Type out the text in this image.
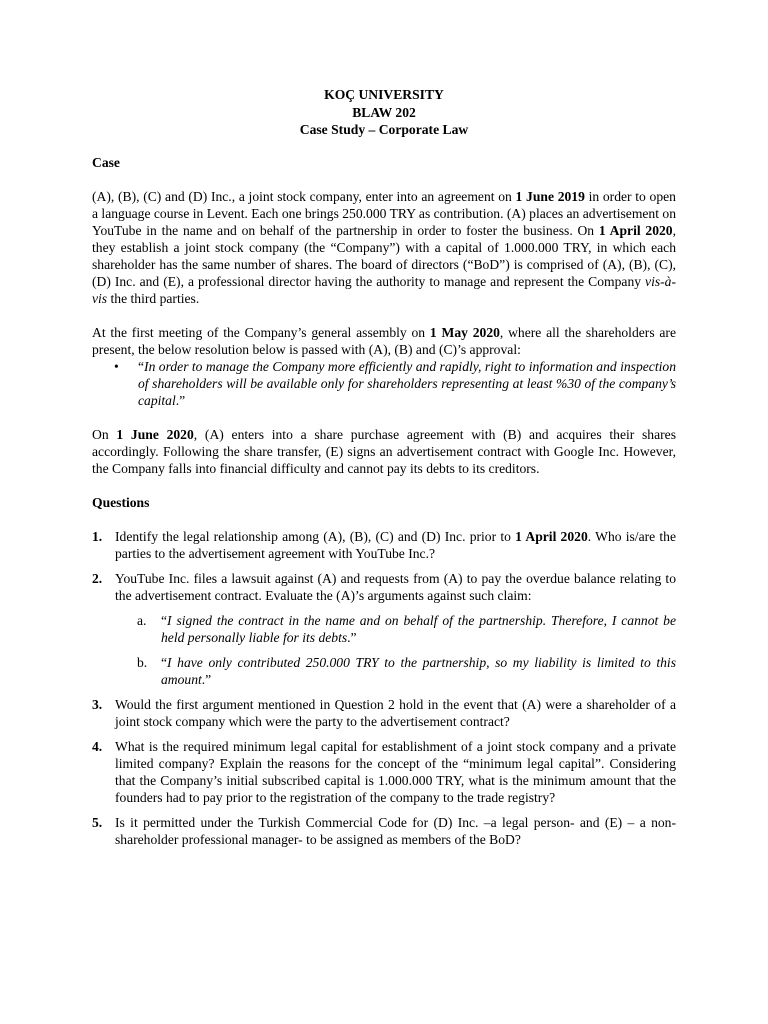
KOÇ UNIVERSITY

BLAW 202

Case Study – Corporate Law

Case

(A), (B), (C) and (D) Inc., a joint stock company, enter into an agreement on 1 June 2019 in order to open a language course in Levent. Each one brings 250.000 TRY as contribution. (A) places an advertisement on YouTube in the name and on behalf of the partnership in order to foster the business. On 1 April 2020, they establish a joint stock company (the “Company”) with a capital of 1.000.000 TRY, in which each shareholder has the same number of shares. The board of directors (“BoD”) is comprised of (A), (B), (C), (D) Inc. and (E), a professional director having the authority to manage and represent the Company vis-à-vis the third parties.

At the first meeting of the Company’s general assembly on 1 May 2020, where all the shareholders are present, the below resolution below is passed with (A), (B) and (C)’s approval:

• “In order to manage the Company more efficiently and rapidly, right to information and inspection of shareholders will be available only for shareholders representing at least %30 of the company’s capital.”

On 1 June 2020, (A) enters into a share purchase agreement with (B) and acquires their shares accordingly. Following the share transfer, (E) signs an advertisement contract with Google Inc. However, the Company falls into financial difficulty and cannot pay its debts to its creditors.

Questions

1. Identify the legal relationship among (A), (B), (C) and (D) Inc. prior to 1 April 2020. Who is/are the parties to the advertisement agreement with YouTube Inc.?
2. YouTube Inc. files a lawsuit against (A) and requests from (A) to pay the overdue balance relating to the advertisement contract. Evaluate the (A)’s arguments against such claim:
a. “I signed the contract in the name and on behalf of the partnership. Therefore, I cannot be held personally liable for its debts.”
b. “I have only contributed 250.000 TRY to the partnership, so my liability is limited to this amount.”
3. Would the first argument mentioned in Question 2 hold in the event that (A) were a shareholder of a joint stock company which were the party to the advertisement contract?
4. What is the required minimum legal capital for establishment of a joint stock company and a private limited company? Explain the reasons for the concept of the “minimum legal capital”. Considering that the Company’s initial subscribed capital is 1.000.000 TRY, what is the minimum amount that the founders had to pay prior to the registration of the company to the trade registry?
5. Is it permitted under the Turkish Commercial Code for (D) Inc. –a legal person- and (E) – a non-shareholder professional manager- to be assigned as members of the BoD?
